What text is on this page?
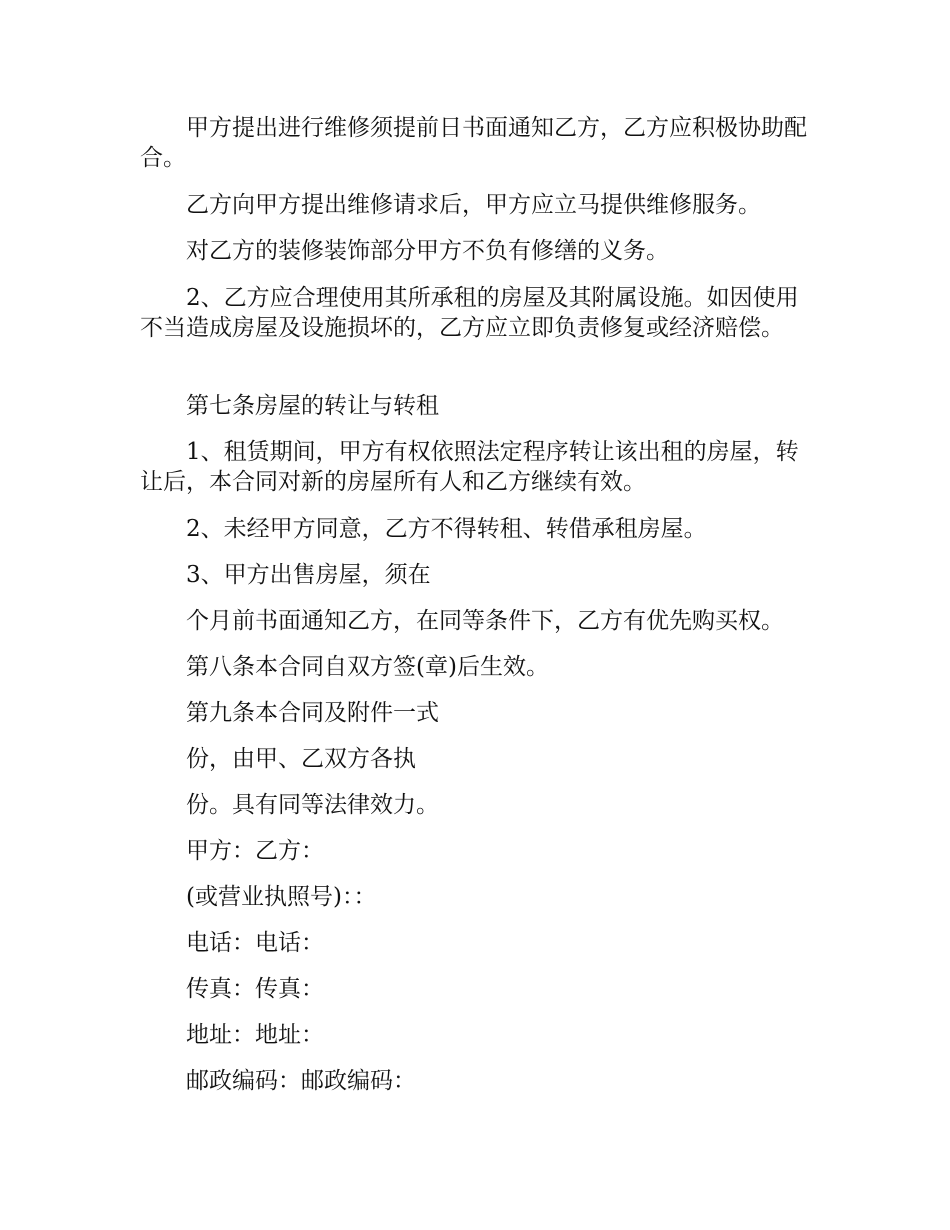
甲方提出进行维修须提前日书面通知乙方，乙方应积极协助配合。

乙方向甲方提出维修请求后，甲方应立马提供维修服务。

对乙方的装修装饰部分甲方不负有修缮的义务。

2、乙方应合理使用其所承租的房屋及其附属设施。如因使用不当造成房屋及设施损坏的，乙方应立即负责修复或经济赔偿。

第七条房屋的转让与转租

1、租赁期间，甲方有权依照法定程序转让该出租的房屋，转让后，本合同对新的房屋所有人和乙方继续有效。

2、未经甲方同意，乙方不得转租、转借承租房屋。

3、甲方出售房屋，须在

个月前书面通知乙方，在同等条件下，乙方有优先购买权。

第八条本合同自双方签(章)后生效。

第九条本合同及附件一式

份，由甲、乙双方各执

份。具有同等法律效力。

甲方：乙方：

(或营业执照号)：：

电话：电话：

传真：传真：

地址：地址：

邮政编码：邮政编码：
